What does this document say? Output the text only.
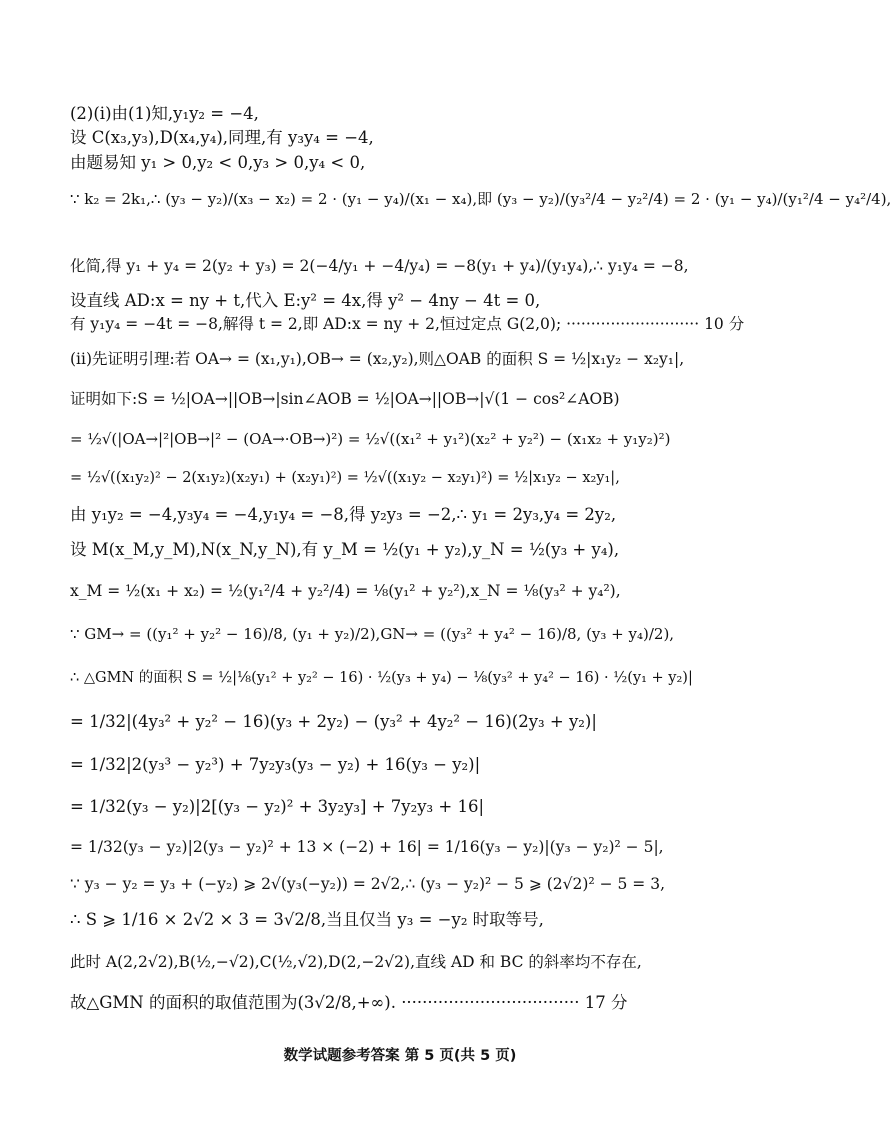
(2)(ⅰ)由(1)知,y₁y₂ = −4,
设 C(x₃,y₃),D(x₄,y₄),同理,有 y₃y₄ = −4,
由题易知 y₁ > 0,y₂ < 0,y₃ > 0,y₄ < 0,
∵ k₂ = 2k₁,∴ (y₃ − y₂)/(x₃ − x₂) = 2 · (y₁ − y₄)/(x₁ − x₄),即 (y₃ − y₂)/(y₃²/4 − y₂²/4) = 2 · (y₁ − y₄)/(y₁²/4 − y₄²/4),
化简,得 y₁ + y₄ = 2(y₂ + y₃) = 2(−4/y₁ + −4/y₄) = −8(y₁ + y₄)/(y₁y₄),∴ y₁y₄ = −8,
设直线 AD:x = ny + t,代入 E:y² = 4x,得 y² − 4ny − 4t = 0,
有 y₁y₄ = −4t = −8,解得 t = 2,即 AD:x = ny + 2,恒过定点 G(2,0); ··························· 10 分
(ⅱ)先证明引理:若 OA→ = (x₁,y₁),OB→ = (x₂,y₂),则△OAB 的面积 S = ½|x₁y₂ − x₂y₁|,
证明如下:S = ½|OA→||OB→|sin∠AOB = ½|OA→||OB→|√(1 − cos²∠AOB)
= ½√(|OA→|²|OB→|² − (OA→·OB→)²) = ½√((x₁² + y₁²)(x₂² + y₂²) − (x₁x₂ + y₁y₂)²)
= ½√((x₁y₂)² − 2(x₁y₂)(x₂y₁) + (x₂y₁)²) = ½√((x₁y₂ − x₂y₁)²) = ½|x₁y₂ − x₂y₁|,
由 y₁y₂ = −4,y₃y₄ = −4,y₁y₄ = −8,得 y₂y₃ = −2,∴ y₁ = 2y₃,y₄ = 2y₂,
设 M(x_M,y_M),N(x_N,y_N),有 y_M = ½(y₁ + y₂),y_N = ½(y₃ + y₄),
x_M = ½(x₁ + x₂) = ½(y₁²/4 + y₂²/4) = ⅛(y₁² + y₂²),x_N = ⅛(y₃² + y₄²),
∵ GM→ = ((y₁² + y₂² − 16)/8, (y₁ + y₂)/2),GN→ = ((y₃² + y₄² − 16)/8, (y₃ + y₄)/2),
∴ △GMN 的面积 S = ½|⅛(y₁² + y₂² − 16) · ½(y₃ + y₄) − ⅛(y₃² + y₄² − 16) · ½(y₁ + y₂)|
= 1/32|(4y₃² + y₂² − 16)(y₃ + 2y₂) − (y₃² + 4y₂² − 16)(2y₃ + y₂)|
= 1/32|2(y₃³ − y₂³) + 7y₂y₃(y₃ − y₂) + 16(y₃ − y₂)|
= 1/32(y₃ − y₂)|2[(y₃ − y₂)² + 3y₂y₃] + 7y₂y₃ + 16|
= 1/32(y₃ − y₂)|2(y₃ − y₂)² + 13 × (−2) + 16| = 1/16(y₃ − y₂)|(y₃ − y₂)² − 5|,
∵ y₃ − y₂ = y₃ + (−y₂) ⩾ 2√(y₃(−y₂)) = 2√2,∴ (y₃ − y₂)² − 5 ⩾ (2√2)² − 5 = 3,
∴ S ⩾ 1/16 × 2√2 × 3 = 3√2/8,当且仅当 y₃ = −y₂ 时取等号,
此时 A(2,2√2),B(½,−√2),C(½,√2),D(2,−2√2),直线 AD 和 BC 的斜率均不存在,
故△GMN 的面积的取值范围为(3√2/8,+∞). ·································· 17 分
数学试题参考答案 第 5 页(共 5 页)
